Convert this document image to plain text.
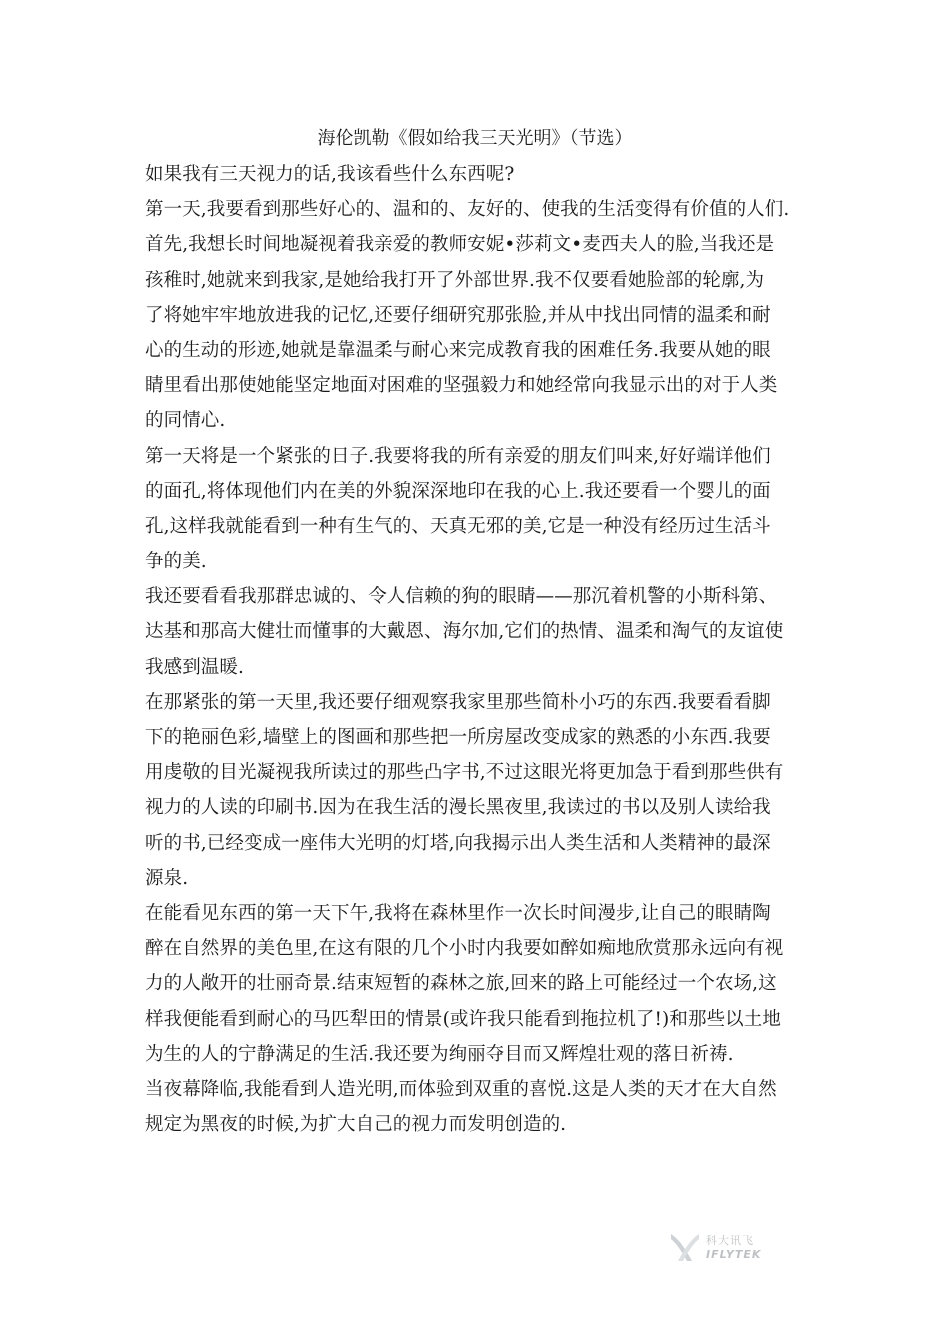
海伦凯勒《假如给我三天光明》（节选）
如果我有三天视力的话,我该看些什么东西呢?
第一天,我要看到那些好心的、温和的、友好的、使我的生活变得有价值的人们.
首先,我想长时间地凝视着我亲爱的教师安妮•莎莉文•麦西夫人的脸,当我还是
孩稚时,她就来到我家,是她给我打开了外部世界.我不仅要看她脸部的轮廓,为
了将她牢牢地放进我的记忆,还要仔细研究那张脸,并从中找出同情的温柔和耐
心的生动的形迹,她就是靠温柔与耐心来完成教育我的困难任务.我要从她的眼
睛里看出那使她能坚定地面对困难的坚强毅力和她经常向我显示出的对于人类
的同情心.
第一天将是一个紧张的日子.我要将我的所有亲爱的朋友们叫来,好好端详他们
的面孔,将体现他们内在美的外貌深深地印在我的心上.我还要看一个婴儿的面
孔,这样我就能看到一种有生气的、天真无邪的美,它是一种没有经历过生活斗
争的美.
我还要看看我那群忠诚的、令人信赖的狗的眼睛——那沉着机警的小斯科第、
达基和那高大健壮而懂事的大戴恩、海尔加,它们的热情、温柔和淘气的友谊使
我感到温暖.
在那紧张的第一天里,我还要仔细观察我家里那些简朴小巧的东西.我要看看脚
下的艳丽色彩,墙壁上的图画和那些把一所房屋改变成家的熟悉的小东西.我要
用虔敬的目光凝视我所读过的那些凸字书,不过这眼光将更加急于看到那些供有
视力的人读的印刷书.因为在我生活的漫长黑夜里,我读过的书以及别人读给我
听的书,已经变成一座伟大光明的灯塔,向我揭示出人类生活和人类精神的最深
源泉.
在能看见东西的第一天下午,我将在森林里作一次长时间漫步,让自己的眼睛陶
醉在自然界的美色里,在这有限的几个小时内我要如醉如痴地欣赏那永远向有视
力的人敞开的壮丽奇景.结束短暂的森林之旅,回来的路上可能经过一个农场,这
样我便能看到耐心的马匹犁田的情景(或许我只能看到拖拉机了!)和那些以土地
为生的人的宁静满足的生活.我还要为绚丽夺目而又辉煌壮观的落日祈祷.
当夜幕降临,我能看到人造光明,而体验到双重的喜悦.这是人类的天才在大自然
规定为黑夜的时候,为扩大自己的视力而发明创造的.
科大讯飞
IFLYTEK
